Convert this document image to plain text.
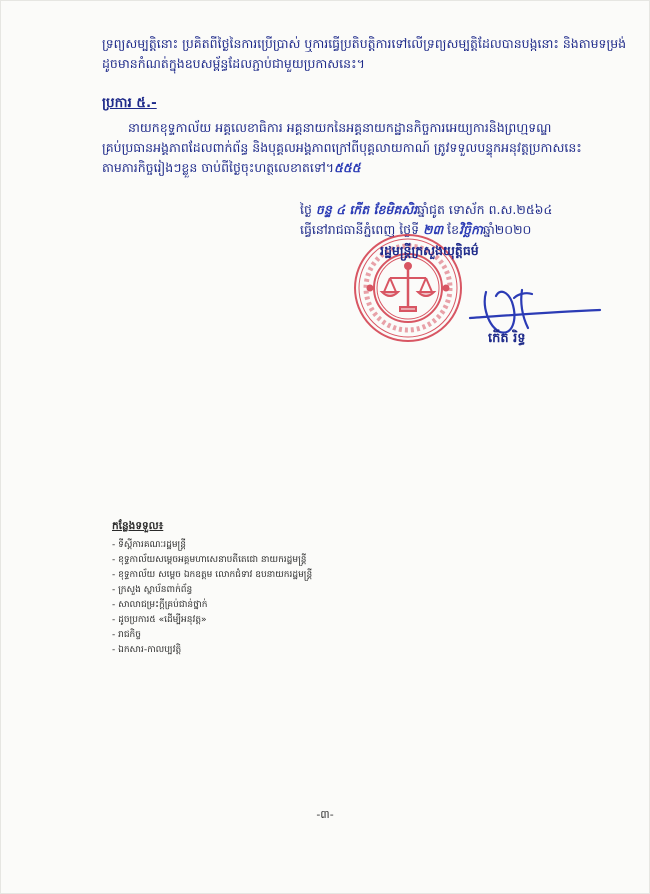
ទ្រព្យសម្បត្តិនោះ ប្រគិតពីថ្ងៃនៃការប្រើប្រាស់ ឬការធ្វើប្រតិបត្តិការទៅលើទ្រព្យសម្បត្តិដែលបានបង្កនោះ និងតាមទម្រង់
ដូចមានកំណត់ក្នុងឧបសម្ព័ន្ធដែលភ្ជាប់ជាមួយប្រកាសនេះ។
ប្រការ ៥.-
នាយកខុទ្ទកាល័យ អគ្គលេខាធិការ អគ្គនាយកនៃអគ្គនាយកដ្ឋានកិច្ចការអេយ្យការនិងព្រហ្មទណ្ឌ
គ្រប់ប្រធានអង្គភាពដែលពាក់ព័ន្ធ និងបុគ្គលអង្គភាពក្រៅពីបុគ្គលាយកាណ៍ ត្រូវទទួលបន្ទុកអនុវត្តប្រកាសនេះ
តាមភារកិច្ចរៀងៗខ្លួន ចាប់ពីថ្ងៃចុះហត្ថលេខាតទៅ។៥៥៥
ថ្ងៃ ចន្ទ ៤ កើត ខែមិគសិរឆ្នាំជូត ទោស័ក ព.ស.២៥៦៤
ធ្វើនៅរាជធានីភ្នំពេញ ថ្ងៃទី ២៣ ខែវិច្ឆិកាឆ្នាំ២០២០
រដ្ឋមន្ត្រីក្រសួងយុត្តិធម៌
កើត រិទ្ធ
កន្លែងទទួល៖
- ទីស្តីការគណៈរដ្ឋមន្ត្រី
- ខុទ្ទកាល័យសម្ដេចអគ្គមហាសេនាបតីតេជោ នាយករដ្ឋមន្ត្រី
- ខុទ្ទកាល័យ សម្ដេច ឯកឧត្តម លោកជំទាវ ឧបនាយករដ្ឋមន្ត្រី
- ក្រសួង ស្ថាប័នពាក់ព័ន្ធ
- សាលាជម្រះក្តីគ្រប់ជាន់ថ្នាក់
- ដូចប្រការ៥ «ដើម្បីអនុវត្ត»
- រាជកិច្ច
- ឯកសារ-កាលប្បវត្តិ
-៣-
